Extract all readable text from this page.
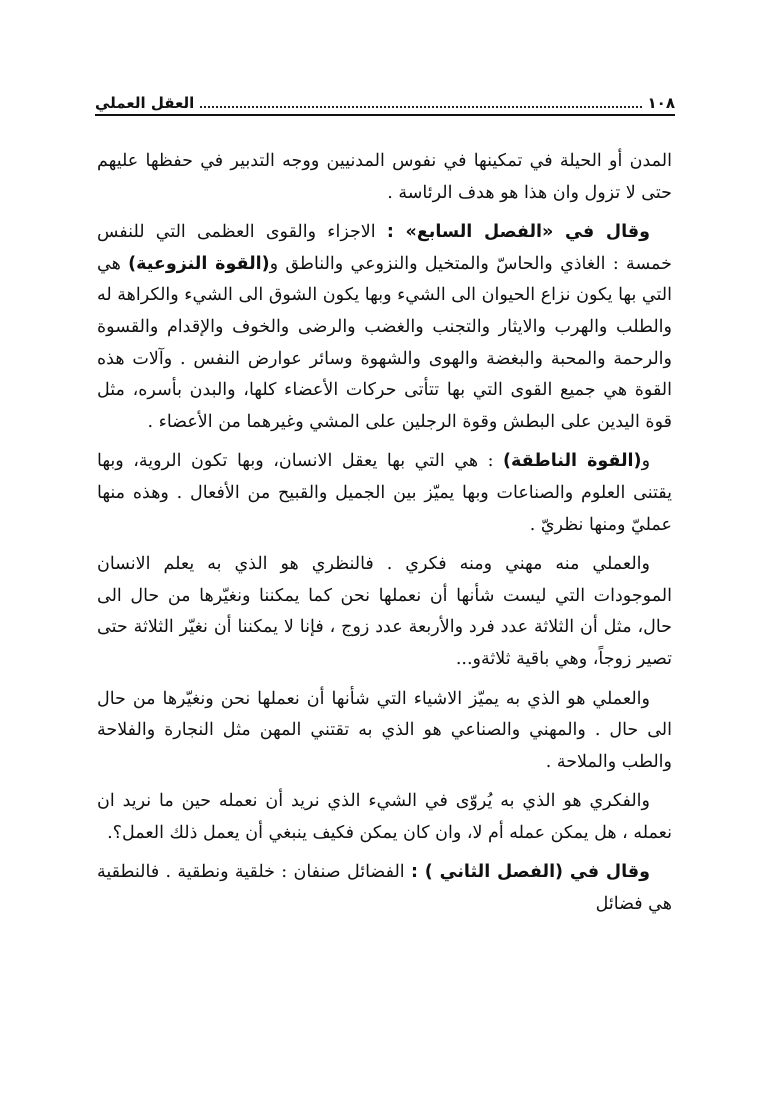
١٠٨
العقل العملي

المدن أو الحيلة في تمكينها في نفوس المدنيين ووجه التدبير في حفظها عليهم حتى لا تزول وان هذا هو هدف الرئاسة .

وقال في «الفصل السابع» : الاجزاء والقوى العظمى التي للنفس خمسة : الغاذي والحاسّ والمتخيل والنزوعي والناطق و(القوة النزوعية) هي التي بها يكون نزاع الحيوان الى الشيء وبها يكون الشوق الى الشيء والكراهة له والطلب والهرب والايثار والتجنب والغضب والرضى والخوف والإقدام والقسوة والرحمة والمحبة والبغضة والهوى والشهوة وسائر عوارض النفس . وآلات هذه القوة هي جميع القوى التي بها تتأتى حركات الأعضاء كلها، والبدن بأسره، مثل قوة اليدين على البطش وقوة الرجلين على المشي وغيرهما من الأعضاء .

و(القوة الناطقة) : هي التي بها يعقل الانسان، وبها تكون الروية، وبها يقتنى العلوم والصناعات وبها يميّز بين الجميل والقبيح من الأفعال . وهذه منها عمليّ ومنها نظريّ .

والعملي منه مهني ومنه فكري . فالنظري هو الذي به يعلم الانسان الموجودات التي ليست شأنها أن نعملها نحن كما يمكننا ونغيّرها من حال الى حال، مثل أن الثلاثة عدد فرد والأربعة عدد زوج ، فإنا لا يمكننا أن نغيّر الثلاثة حتى تصير زوجاً، وهي باقية ثلاثةو...

والعملي هو الذي به يميّز الاشياء التي شأنها أن نعملها نحن ونغيّرها من حال الى حال . والمهني والصناعي هو الذي به تقتني المهن مثل النجارة والفلاحة والطب والملاحة .

والفكري هو الذي به يُروّى في الشيء الذي نريد أن نعمله حين ما نريد ان نعمله ، هل يمكن عمله أم لا، وان كان يمكن فكيف ينبغي أن يعمل ذلك العمل؟.

وقال في (الفصل الثاني ) : الفضائل صنفان : خلقية ونطقية . فالنطقية هي فضائل
